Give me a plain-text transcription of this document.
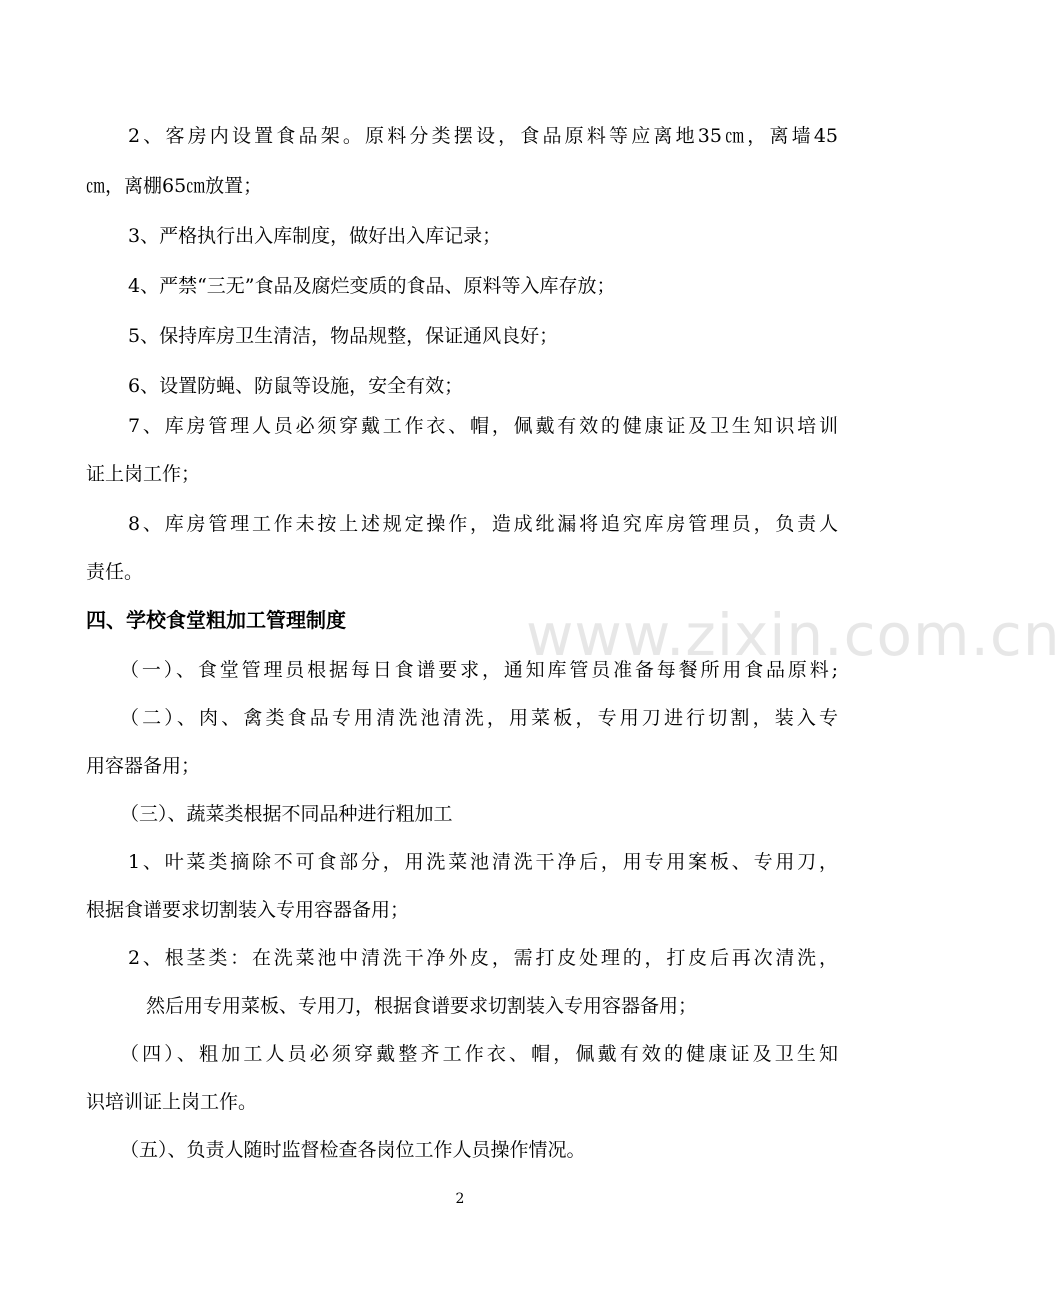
www.zixin.com.cn
2、客房内设置食品架。原料分类摆设，食品原料等应离地35㎝，离墙45
㎝，离棚65㎝放置；
3、严格执行出入库制度，做好出入库记录；
4、严禁“三无”食品及腐烂变质的食品、原料等入库存放；
5、保持库房卫生清洁，物品规整，保证通风良好；
6、设置防蝇、防鼠等设施，安全有效；
7、库房管理人员必须穿戴工作衣、帽，佩戴有效的健康证及卫生知识培训
证上岗工作；
8、库房管理工作未按上述规定操作，造成纰漏将追究库房管理员，负责人
责任。
四、学校食堂粗加工管理制度
（一）、食堂管理员根据每日食谱要求，通知库管员准备每餐所用食品原料;
（二）、肉、禽类食品专用清洗池清洗，用菜板，专用刀进行切割，装入专
用容器备用；
（三）、蔬菜类根据不同品种进行粗加工
1、叶菜类摘除不可食部分，用洗菜池清洗干净后，用专用案板、专用刀，
根据食谱要求切割装入专用容器备用；
2、根茎类：在洗菜池中清洗干净外皮，需打皮处理的，打皮后再次清洗，
然后用专用菜板、专用刀，根据食谱要求切割装入专用容器备用；
（四）、粗加工人员必须穿戴整齐工作衣、帽，佩戴有效的健康证及卫生知
识培训证上岗工作。
（五）、负责人随时监督检查各岗位工作人员操作情况。
2
